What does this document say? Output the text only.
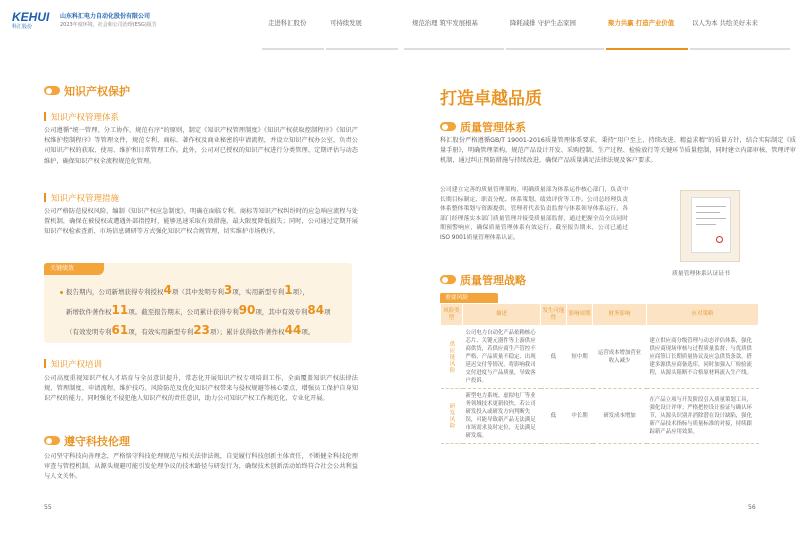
KEHUI
科汇股份
山东科汇电力自动化股份有限公司
2023年度环境、社会和公司治理(ESG)报告	走进科汇股份	可持续发展	规范治理 筑牢发展根基	降耗减排 守护生态家园	聚力共赢 打造产业价值	以人为本 共绘美好未来
知识产权保护
知识产权管理体系
公司遵循“统一管理、分工协作、规范有序”的原则，制定《知识产权管理制度》《知识产权获取控制程序》《知识产权维护控制程序》等管理文件，规范专利、商标、著作权及商业秘密的申请流程，并设立知识产权办公室，负责公司知识产权的获取、使用、维护和日常管理工作。此外，公司对已授权的知识产权进行分类管理、定期评估与动态维护，确保知识产权全流程规范化管理。
知识产权管理措施
公司严格防范侵权风险，编制《知识产权应急制度》，明确在面临专利、商标等知识产权纠纷时的应急响应流程与处置机制，确保在被侵权或遭遇外部指控时，能够迅速采取有效措施，最大限度降低损失；同时，公司通过定期开展知识产权检索查新、市场信息调研等方式强化知识产权合规管理，切实维护市场秩序。
关键绩效
报告期内，公司新增获得专利授权4项（其中发明专利3项，实用新型专利1项），
新增软件著作权11项。截至报告期末，公司累计获得专利90项，其中有效专利84项
（有效发明专利61项，有效实用新型专利23项）；累计获得软件著作权44项。
知识产权培训
公司高度重视知识产权人才培育与全员意识提升，常态化开展知识产权专项培训工作，全面覆盖知识产权法律法规、管理制度、申请流程、维护技巧、风险防范及优化知识产权带来与侵权规避等核心要点，增强员工保护自身知识产权的能力，同时强化不侵犯他人知识产权的责任意识，助力公司知识产权工作规范化、专业化开展。
遵守科技伦理
公司坚守科技向善理念，严格恪守科技伦理规范与相关法律法规，自觉履行科技创新主体责任，不断健全科技伦理审查与管控机制，从源头规避可能引发伦理争议的技术路径与研发行为，确保技术创新活动始终符合社会公共利益与人文关怀。
55
打造卓越品质
质量管理体系
科汇股份严格遵循GB/T 19001-2016质量管理体系要求，秉持“用户至上、持续改进、精益求精”的质量方针，结合实际制定《质量手册》，明确管理架构，规范产品设计开发、采购控制、生产过程、检验放行等关键环节质量控制，同时建立内部审核、管理评审机制，通过纠正预防措施与持续改进，确保产品质量满足法律法规及客户要求。
公司建立完善的质量管理架构，明确质量部为体系运作核心部门，负责中长期目标制定、职责分配、体系策划、绩效评价等工作。公司总经理负责体系整体策划与资源提供，管理者代表负责监督与体系领导体系运行，各部门经理落实本部门质量管理并接受质量部监督，通过把握全员全员同时期预警响应，确保质量管理体系有效运行，截至报告期末，公司已通过ISO 9001质量管理体系认证。
质量管理体系认证证书
质量管理战略
重要风险
风险类型	描述	发生可能性	影响周期	财务影响	应对策略
供应链风险	公司电力自动化产品依赖核心芯片、关键元器件等上游供应商供货，若供应商生产管控不严格、产品质量不稳定、出现延迟交付等情况，将影响我司交付进度与产品质量，导致客户投诉。	低	短中期	运营成本增加营业收入减少	建立供应商分级管理与动态评估体系，强化供应商现场审核与过程质量监督；与优质供应商签订长期质量协议及应急供货条款，搭建多源供应商备选库，同时加强入厂检验流程，从源头阻断不合格原材料流入生产线。
研发风险	新型电力系统、虚拟电厂等业务领域技术更新较快，若公司研发投入或研发方向判断失误，可能导致新产品无法满足市场需求及时定位，无法满足研发端。	低	中长期	研发成本增加	在产品立项与开发阶段引入质量策划工具，强化设计评审；严格把控设计验证与确认环节，从源头识别并消除潜在设计缺陷，强化新产品技术指标与质量标准的对接，持续跟踪新产品应用效果。
56
